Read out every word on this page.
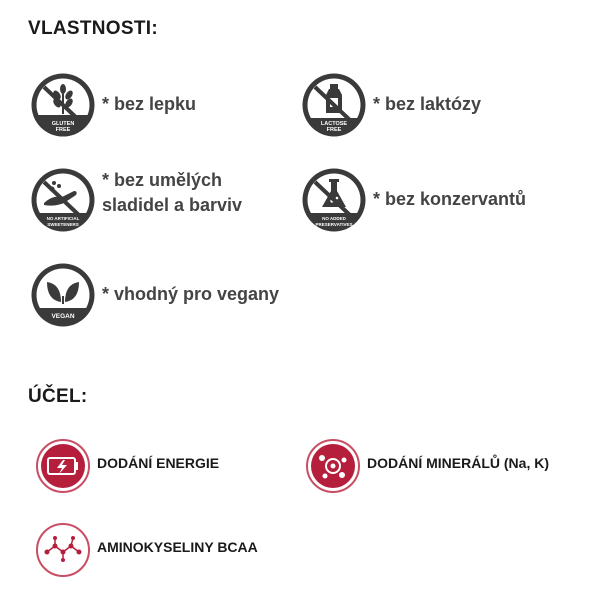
VLASTNOSTI:
GLUTEN
FREE
* bez lepku
LACTOSE
FREE
* bez laktózy
NO ARTIFICIAL
SWEETENERS
* bez umělých
sladidel a barviv
NO ADDED
PRESERVATIVES
* bez konzervantů
VEGAN
* vhodný pro vegany
ÚČEL:
DODÁNÍ ENERGIE	DODÁNÍ MINERÁLŮ (Na, K)
AMINOKYSELINY BCAA
